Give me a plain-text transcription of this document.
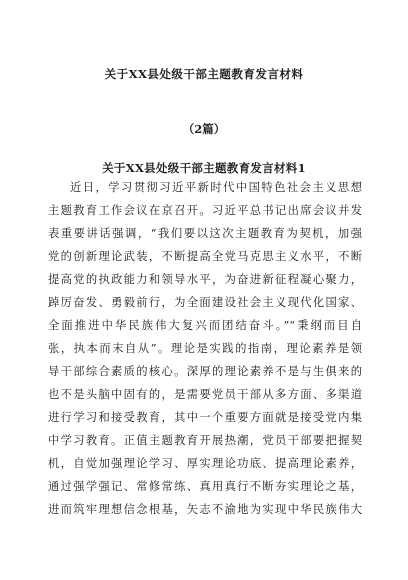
关于XX县处级干部主题教育发言材料
（2篇）
关于XX县处级干部主题教育发言材料1
近日，学习贯彻习近平新时代中国特色社会主义思想
主题教育工作会议在京召开。习近平总书记出席会议并发
表重要讲话强调，“我们要以这次主题教育为契机，加强
党的创新理论武装，不断提高全党马克思主义水平，不断
提高党的执政能力和领导水平，为奋进新征程凝心聚力，
踔厉奋发、勇毅前行，为全面建设社会主义现代化国家、
全面推进中华民族伟大复兴而团结奋斗。”“秉纲而目自
张，执本而末自从”。理论是实践的指南，理论素养是领
导干部综合素质的核心。深厚的理论素养不是与生俱来的
也不是头脑中固有的，是需要党员干部从多方面、多渠道
进行学习和接受教育，其中一个重要方面就是接受党内集
中学习教育。正值主题教育开展热潮，党员干部要把握契
机，自觉加强理论学习、厚实理论功底、提高理论素养，
通过强学强记、常修常练、真用真行不断夯实理论之基，
进而筑牢理想信念根基，矢志不渝地为实现中华民族伟大
